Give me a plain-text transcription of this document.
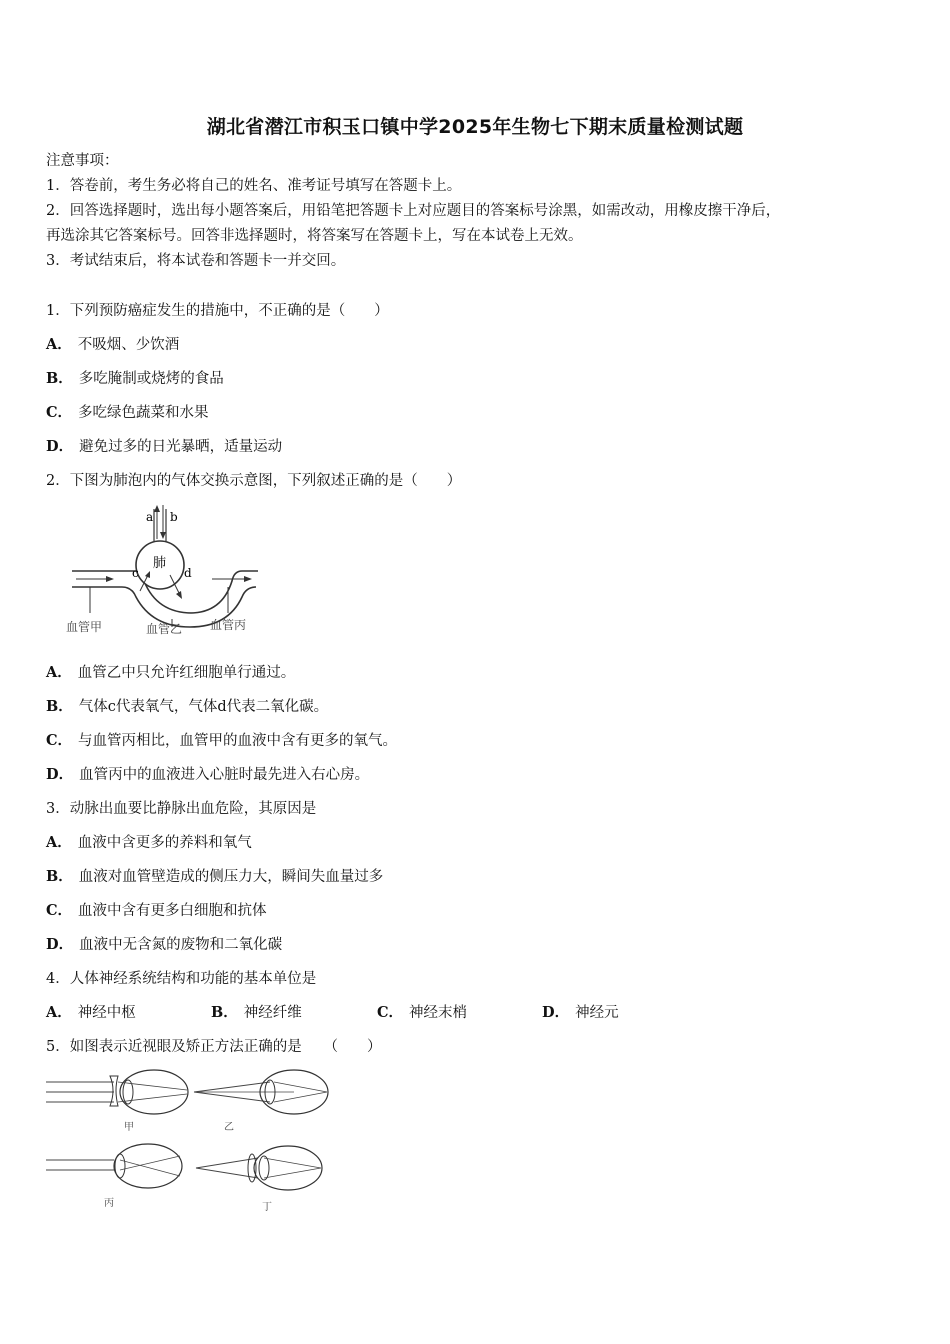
湖北省潜江市积玉口镇中学2025年生物七下期末质量检测试题
注意事项：
1．答卷前，考生务必将自己的姓名、准考证号填写在答题卡上。
2．回答选择题时，选出每小题答案后，用铅笔把答题卡上对应题目的答案标号涂黑，如需改动，用橡皮擦干净后，
再选涂其它答案标号。回答非选择题时，将答案写在答题卡上，写在本试卷上无效。
3．考试结束后，将本试卷和答题卡一并交回。
1．下列预防癌症发生的措施中，不正确的是（　　）
A． 不吸烟、少饮酒
B． 多吃腌制或烧烤的食品
C． 多吃绿色蔬菜和水果
D． 避免过多的日光暴晒，适量运动
2．下图为肺泡内的气体交换示意图，下列叙述正确的是（　　）
a b
肺
c	d
血管甲	血管乙 血管丙
A． 血管乙中只允许红细胞单行通过。
B． 气体c代表氧气，气体d代表二氧化碳。
C． 与血管丙相比，血管甲的血液中含有更多的氧气。
D． 血管丙中的血液进入心脏时最先进入右心房。
3．动脉出血要比静脉出血危险，其原因是
A． 血液中含更多的养料和氧气
B． 血液对血管壁造成的侧压力大，瞬间失血量过多
C． 血液中含有更多白细胞和抗体
D． 血液中无含氮的废物和二氧化碳
4．人体神经系统结构和功能的基本单位是
A． 神经中枢	B． 神经纤维	C． 神经末梢	D． 神经元
5．如图表示近视眼及矫正方法正确的是　　（　　）
甲	乙
丙	丁
